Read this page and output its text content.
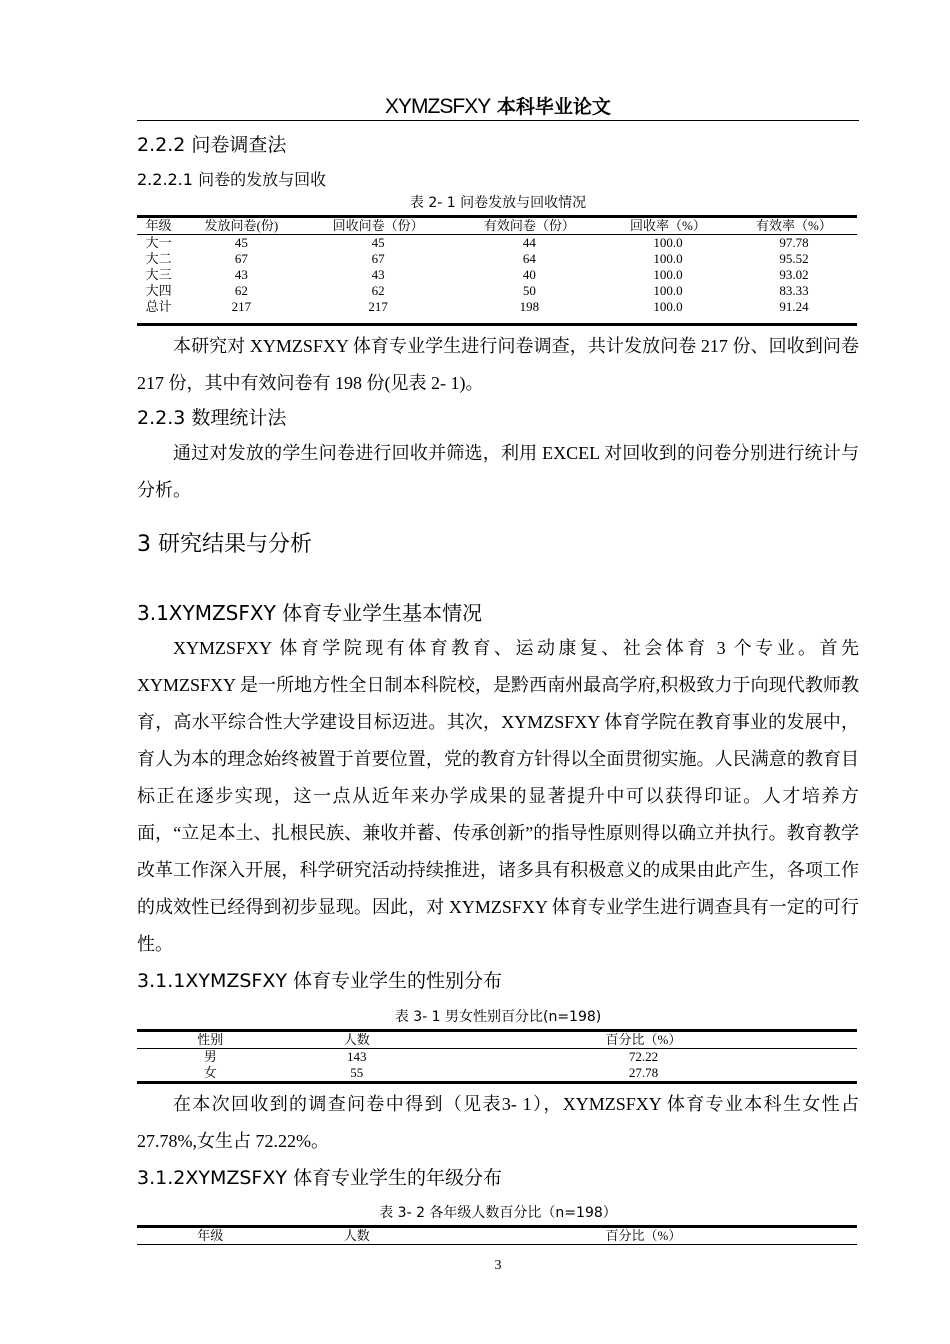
XYMZSFXY 本科毕业论文
2.2.2 问卷调查法
2.2.2.1 问卷的发放与回收
表 2- 1 问卷发放与回收情况
年级	发放问卷(份)	回收问卷（份）	有效问卷（份）	回收率（%）	有效率（%）
大一	45	45	44	100.0	97.78
大二	67	67	64	100.0	95.52
大三	43	43	40	100.0	93.02
大四	62	62	50	100.0	83.33
总计	217	217	198	100.0	91.24

本研究对 XYMZSFXY 体育专业学生进行问卷调查，共计发放问卷 217 份、回收到问卷 217 份，其中有效问卷有 198 份(见表 2- 1)。
2.2.3 数理统计法
通过对发放的学生问卷进行回收并筛选，利用 EXCEL 对回收到的问卷分别进行统计与分析。
3 研究结果与分析
3.1XYMZSFXY 体育专业学生基本情况
XYMZSFXY 体育学院现有体育教育、运动康复、社会体育 3 个专业。首先 XYMZSFXY 是一所地方性全日制本科院校，是黔西南州最高学府,积极致力于向现代教师教育，高水平综合性大学建设目标迈进。其次，XYMZSFXY 体育学院在教育事业的发展中，育人为本的理念始终被置于首要位置，党的教育方针得以全面贯彻实施。人民满意的教育目标正在逐步实现，这一点从近年来办学成果的显著提升中可以获得印证。人才培养方面，“立足本土、扎根民族、兼收并蓄、传承创新”的指导性原则得以确立并执行。教育教学改革工作深入开展，科学研究活动持续推进，诸多具有积极意义的成果由此产生，各项工作的成效性已经得到初步显现。因此，对 XYMZSFXY 体育专业学生进行调查具有一定的可行性。
3.1.1XYMZSFXY 体育专业学生的性别分布
表 3- 1 男女性别百分比(n=198)
性别	人数	百分比（%）
男	143	72.22
女	55	27.78
在本次回收到的调查问卷中得到（见表3- 1），XYMZSFXY 体育专业本科生女性占 27.78%,女生占 72.22%。
3.1.2XYMZSFXY 体育专业学生的年级分布
表 3- 2 各年级人数百分比（n=198）
年级	人数	百分比（%）
3
